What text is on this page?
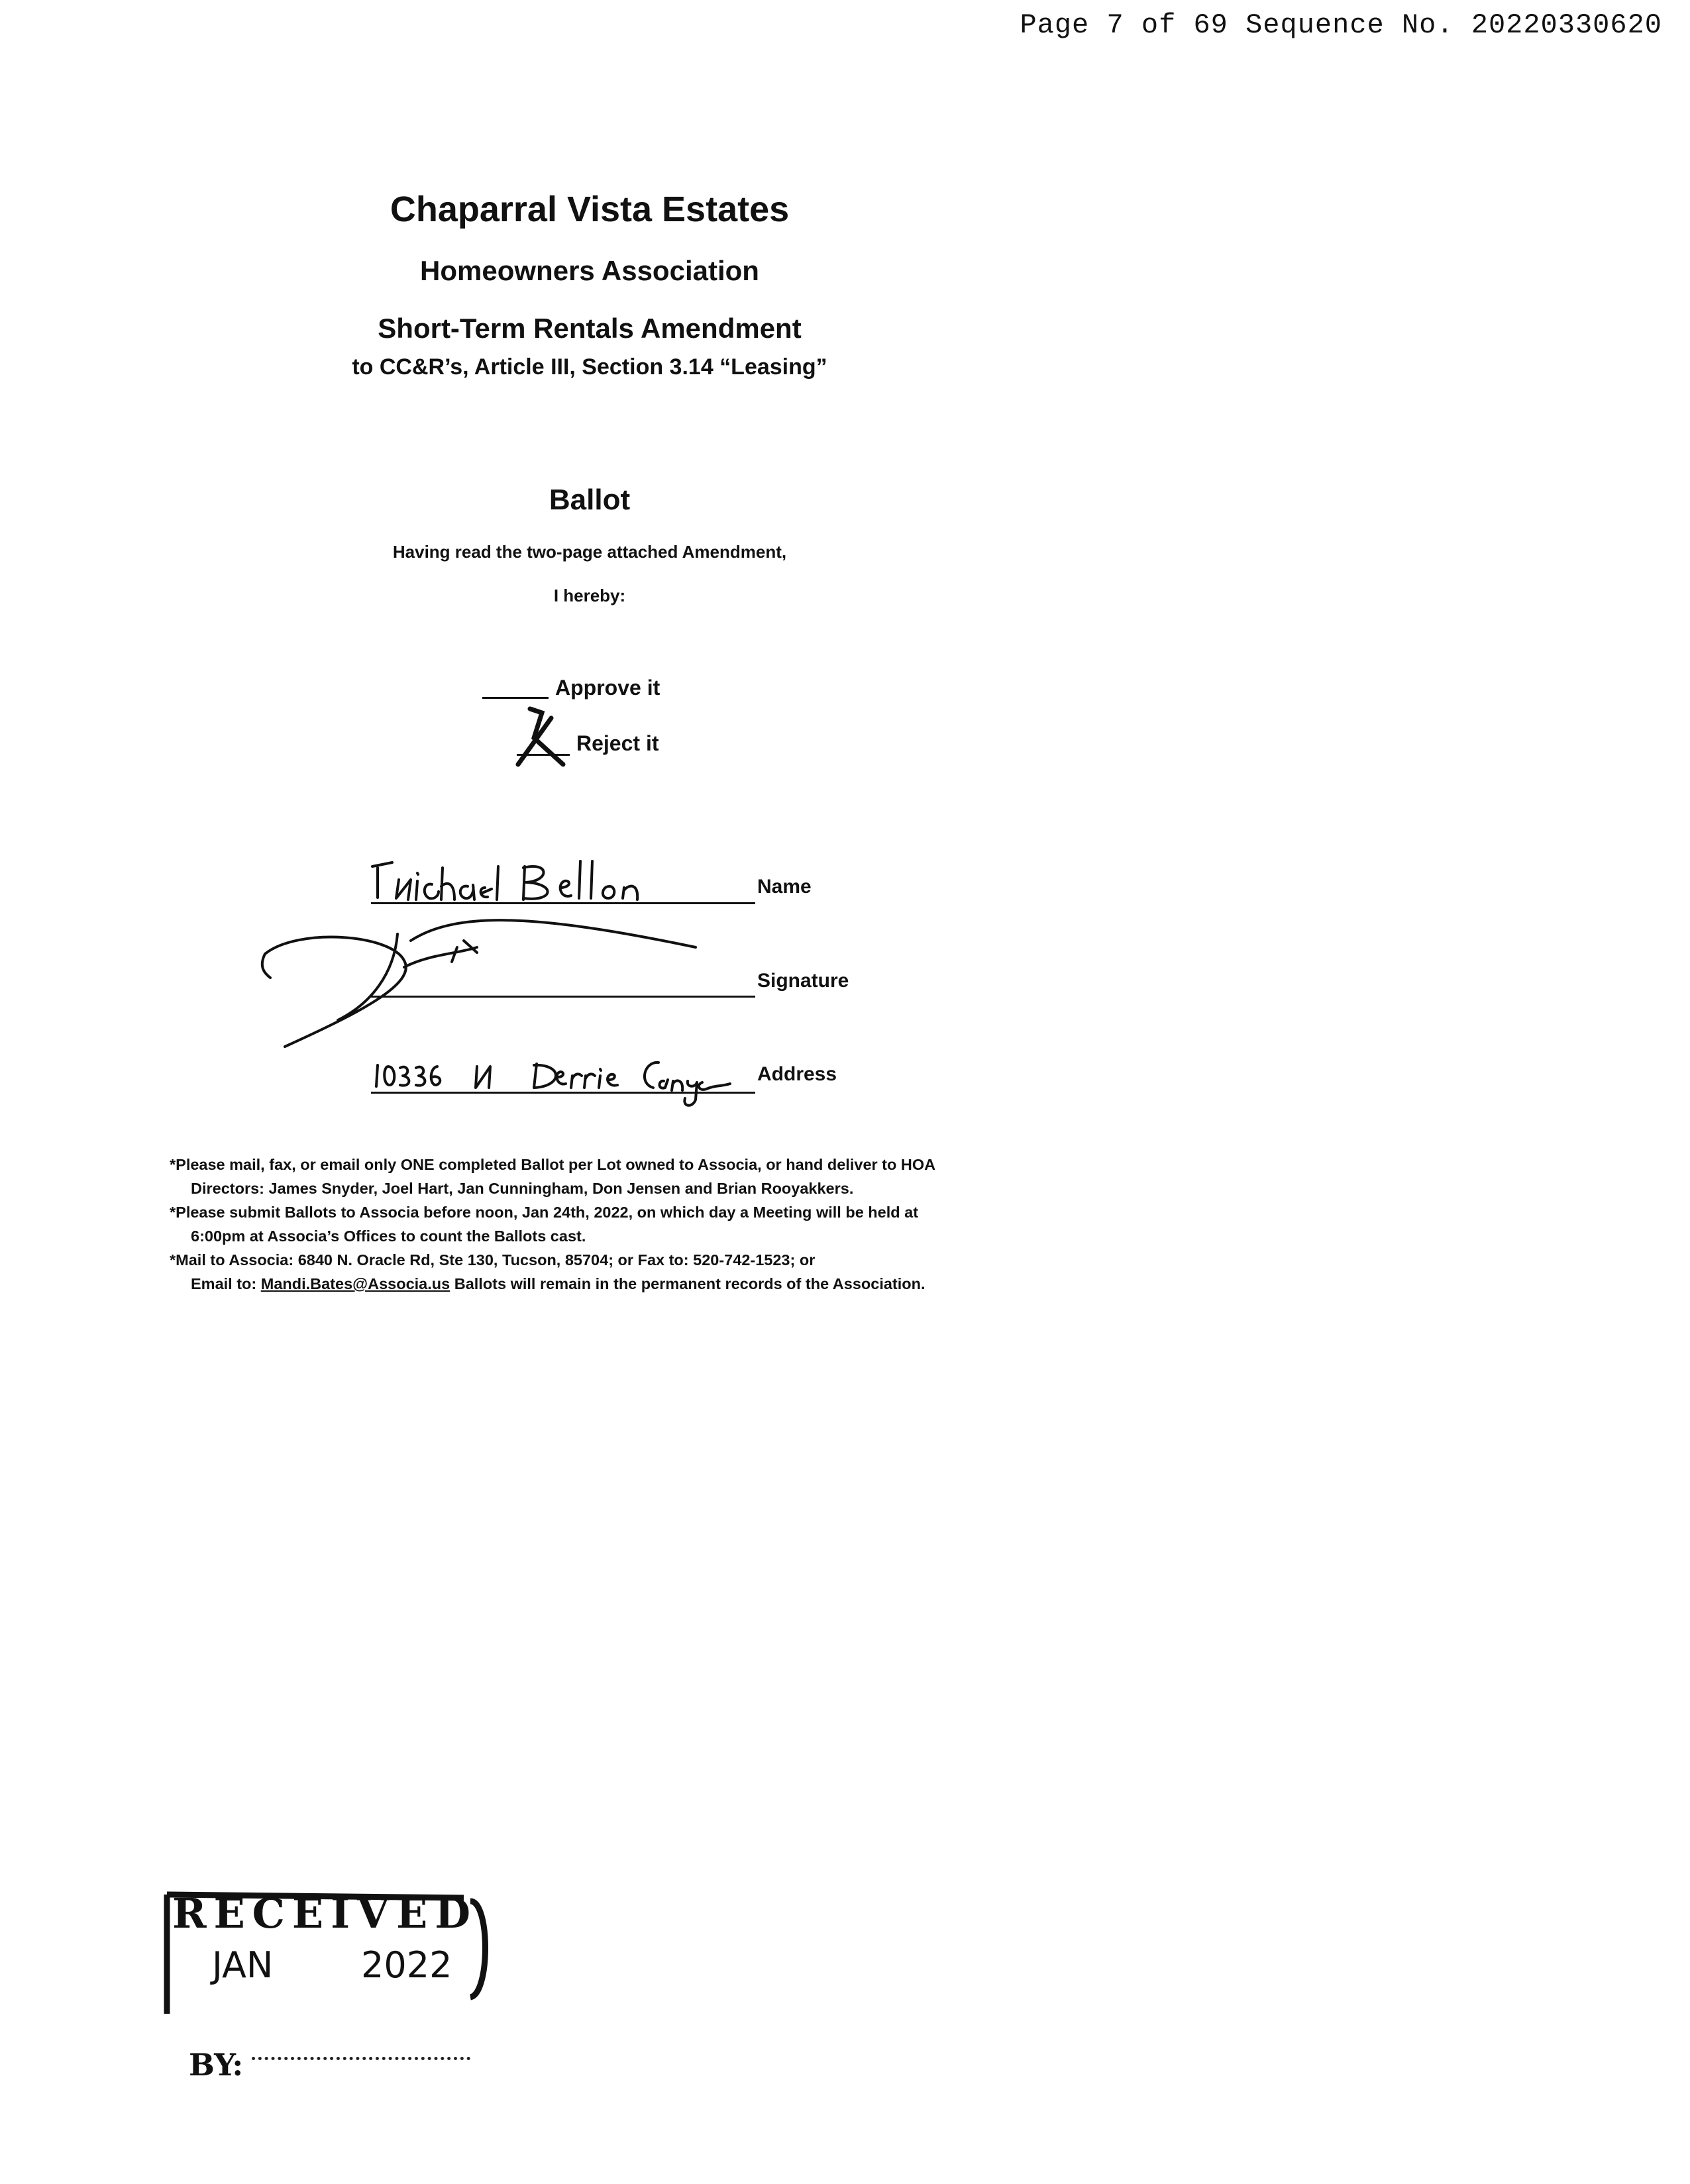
Page 7 of 69 Sequence No. 20220330620
Chaparral Vista Estates
Homeowners Association
Short-Term Rentals Amendment
to CC&R’s, Article III, Section 3.14 “Leasing”
Ballot
Having read the two-page attached Amendment,
I hereby:
Approve it
Reject it
Name
Signature
Address
*Please mail, fax, or email only ONE completed Ballot per Lot owned to Associa, or hand deliver to HOA
Directors: James Snyder, Joel Hart, Jan Cunningham, Don Jensen and Brian Rooyakkers.
*Please submit Ballots to Associa before noon, Jan 24th, 2022, on which day a Meeting will be held at
6:00pm at Associa’s Offices to count the Ballots cast.
*Mail to Associa: 6840 N. Oracle Rd, Ste 130, Tucson, 85704; or Fax to: 520-742-1523; or
Email to: Mandi.Bates@Associa.us Ballots will remain in the permanent records of the Association.
RECEIVED
JAN 2022
BY:
